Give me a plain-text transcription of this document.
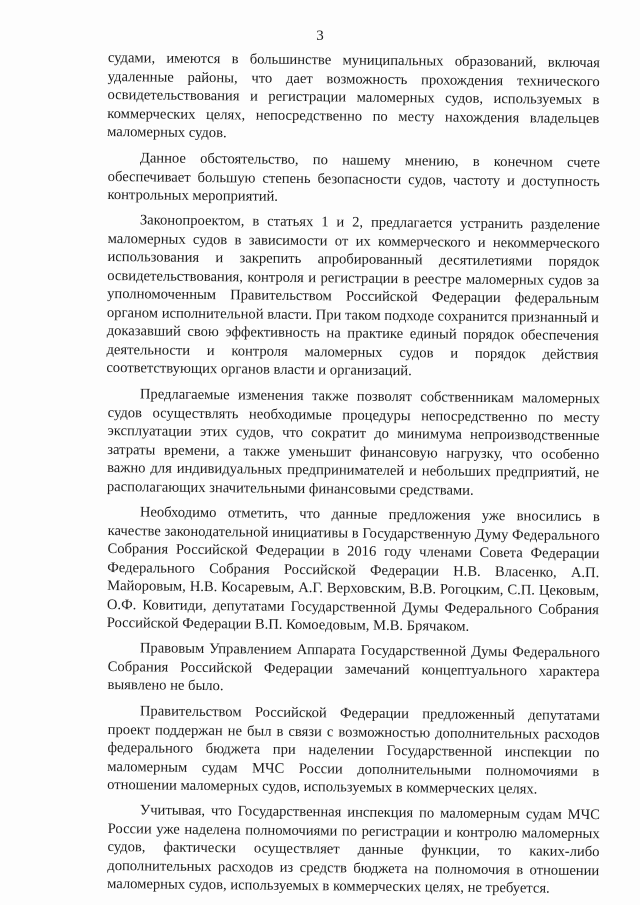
3

судами, имеются в большинстве муниципальных образований, включая удаленные районы, что дает возможность прохождения технического освидетельствования и регистрации маломерных судов, используемых в коммерческих целях, непосредственно по месту нахождения владельцев маломерных судов.

Данное обстоятельство, по нашему мнению, в конечном счете обеспечивает большую степень безопасности судов, частоту и доступность контрольных мероприятий.

Законопроектом, в статьях 1 и 2, предлагается устранить разделение маломерных судов в зависимости от их коммерческого и некоммерческого использования и закрепить апробированный десятилетиями порядок освидетельствования, контроля и регистрации в реестре маломерных судов за уполномоченным Правительством Российской Федерации федеральным органом исполнительной власти. При таком подходе сохранится признанный и доказавший свою эффективность на практике единый порядок обеспечения деятельности и контроля маломерных судов и порядок действия соответствующих органов власти и организаций.

Предлагаемые изменения также позволят собственникам маломерных судов осуществлять необходимые процедуры непосредственно по месту эксплуатации этих судов, что сократит до минимума непроизводственные затраты времени, а также уменьшит финансовую нагрузку, что особенно важно для индивидуальных предпринимателей и небольших предприятий, не располагающих значительными финансовыми средствами.

Необходимо отметить, что данные предложения уже вносились в качестве законодательной инициативы в Государственную Думу Федерального Собрания Российской Федерации в 2016 году членами Совета Федерации Федерального Собрания Российской Федерации Н.В. Власенко, А.П. Майоровым, Н.В. Косаревым, А.Г. Верховским, В.В. Рогоцким, С.П. Цековым, О.Ф. Ковитиди, депутатами Государственной Думы Федерального Собрания Российской Федерации В.П. Комоедовым, М.В. Брячаком.

Правовым Управлением Аппарата Государственной Думы Федерального Собрания Российской Федерации замечаний концептуального характера выявлено не было.

Правительством Российской Федерации предложенный депутатами проект поддержан не был в связи с возможностью дополнительных расходов федерального бюджета при наделении Государственной инспекции по маломерным судам МЧС России дополнительными полномочиями в отношении маломерных судов, используемых в коммерческих целях.

Учитывая, что Государственная инспекция по маломерным судам МЧС России уже наделена полномочиями по регистрации и контролю маломерных судов, фактически осуществляет данные функции, то каких-либо дополнительных расходов из средств бюджета на полномочия в отношении маломерных судов, используемых в коммерческих целях, не требуется.
